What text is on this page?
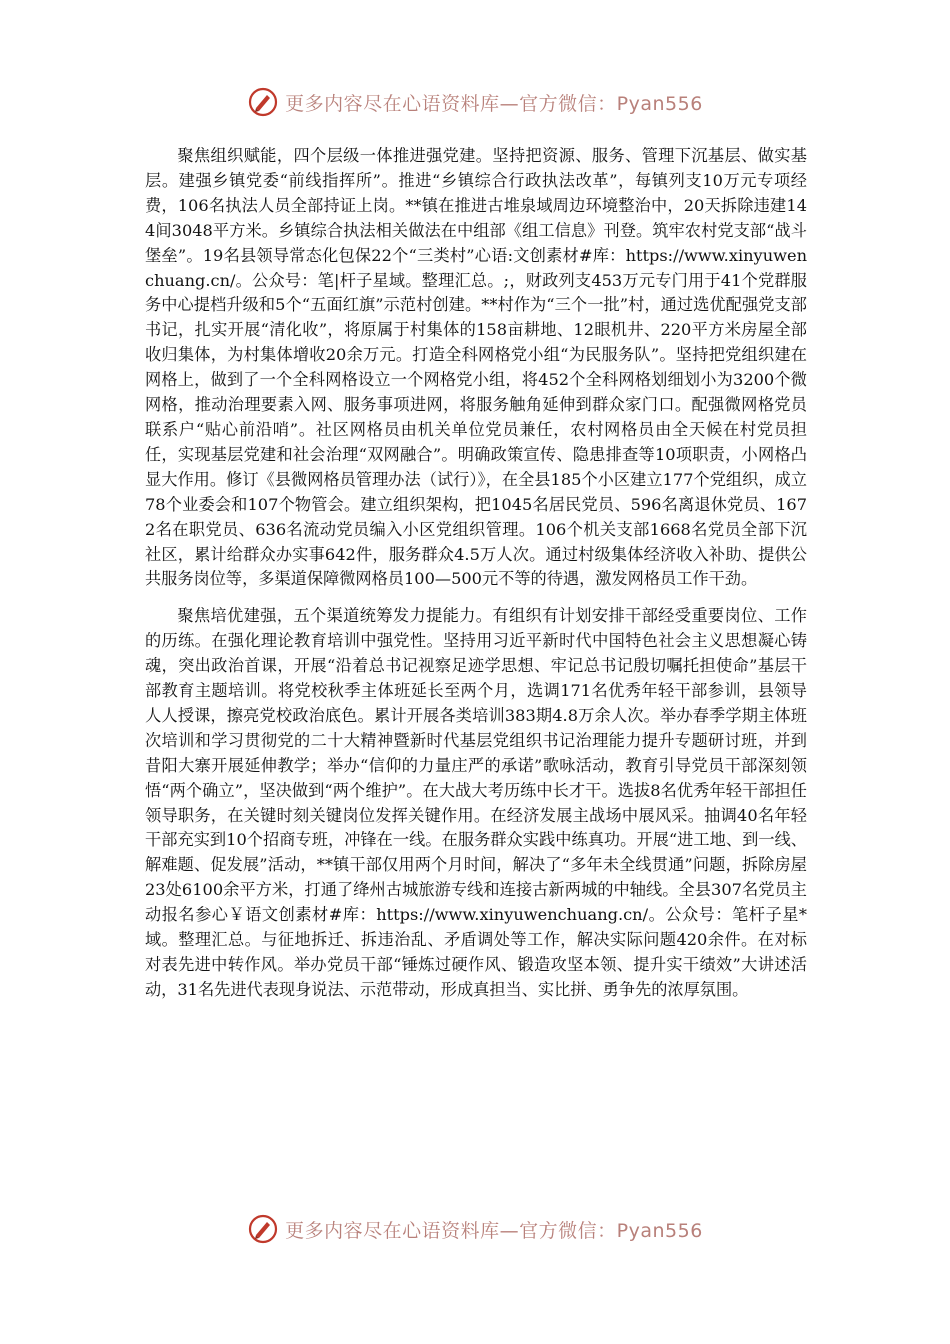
更多内容尽在心语资料库—官方微信：Pyan556

聚焦组织赋能，四个层级一体推进强党建。坚持把资源、服务、管理下沉基层、做实基层。建强乡镇党委“前线指挥所”。推进“乡镇综合行政执法改革”，每镇列支10万元专项经费，106名执法人员全部持证上岗。**镇在推进古堆泉域周边环境整治中，20天拆除违建144间3048平方米。乡镇综合执法相关做法在中组部《组工信息》刊登。筑牢农村党支部“战斗堡垒”。19名县领导常态化包保22个“三类村”心语:文创素材#库：https://www.xinyuwenchuang.cn/。公众号：笔|杆子星域。整理汇总。;，财政列支453万元专门用于41个党群服务中心提档升级和5个“五面红旗”示范村创建。**村作为“三个一批”村，通过选优配强党支部书记，扎实开展“清化收”，将原属于村集体的158亩耕地、12眼机井、220平方米房屋全部收归集体，为村集体增收20余万元。打造全科网格党小组“为民服务队”。坚持把党组织建在网格上，做到了一个全科网格设立一个网格党小组，将452个全科网格划细划小为3200个微网格，推动治理要素入网、服务事项进网，将服务触角延伸到群众家门口。配强微网格党员联系户“贴心前沿哨”。社区网格员由机关单位党员兼任，农村网格员由全天候在村党员担任，实现基层党建和社会治理“双网融合”。明确政策宣传、隐患排查等10项职责，小网格凸显大作用。修订《县微网格员管理办法（试行）》，在全县185个小区建立177个党组织，成立78个业委会和107个物管会。建立组织架构，把1045名居民党员、596名离退休党员、1672名在职党员、636名流动党员编入小区党组织管理。106个机关支部1668名党员全部下沉社区，累计给群众办实事642件，服务群众4.5万人次。通过村级集体经济收入补助、提供公共服务岗位等，多渠道保障微网格员100—500元不等的待遇，激发网格员工作干劲。

聚焦培优建强，五个渠道统筹发力提能力。有组织有计划安排干部经受重要岗位、工作的历练。在强化理论教育培训中强党性。坚持用习近平新时代中国特色社会主义思想凝心铸魂，突出政治首课，开展“沿着总书记视察足迹学思想、牢记总书记殷切嘱托担使命”基层干部教育主题培训。将党校秋季主体班延长至两个月，选调171名优秀年轻干部参训，县领导人人授课，擦亮党校政治底色。累计开展各类培训383期4.8万余人次。举办春季学期主体班次培训和学习贯彻党的二十大精神暨新时代基层党组织书记治理能力提升专题研讨班，并到昔阳大寨开展延伸教学；举办“信仰的力量庄严的承诺”歌咏活动，教育引导党员干部深刻领悟“两个确立”，坚决做到“两个维护”。在大战大考历练中长才干。选拔8名优秀年轻干部担任领导职务，在关键时刻关键岗位发挥关键作用。在经济发展主战场中展风采。抽调40名年轻干部充实到10个招商专班，冲锋在一线。在服务群众实践中练真功。开展“进工地、到一线、解难题、促发展”活动，**镇干部仅用两个月时间，解决了“多年未全线贯通”问题，拆除房屋23处6100余平方米，打通了绛州古城旅游专线和连接古新两城的中轴线。全县307名党员主动报名参心￥语文创素材#库：https://www.xinyuwenchuang.cn/。公众号：笔杆子星*域。整理汇总。与征地拆迁、拆违治乱、矛盾调处等工作，解决实际问题420余件。在对标对表先进中转作风。举办党员干部“锤炼过硬作风、锻造攻坚本领、提升实干绩效”大讲述活动，31名先进代表现身说法、示范带动，形成真担当、实比拼、勇争先的浓厚氛围。

更多内容尽在心语资料库—官方微信：Pyan556
